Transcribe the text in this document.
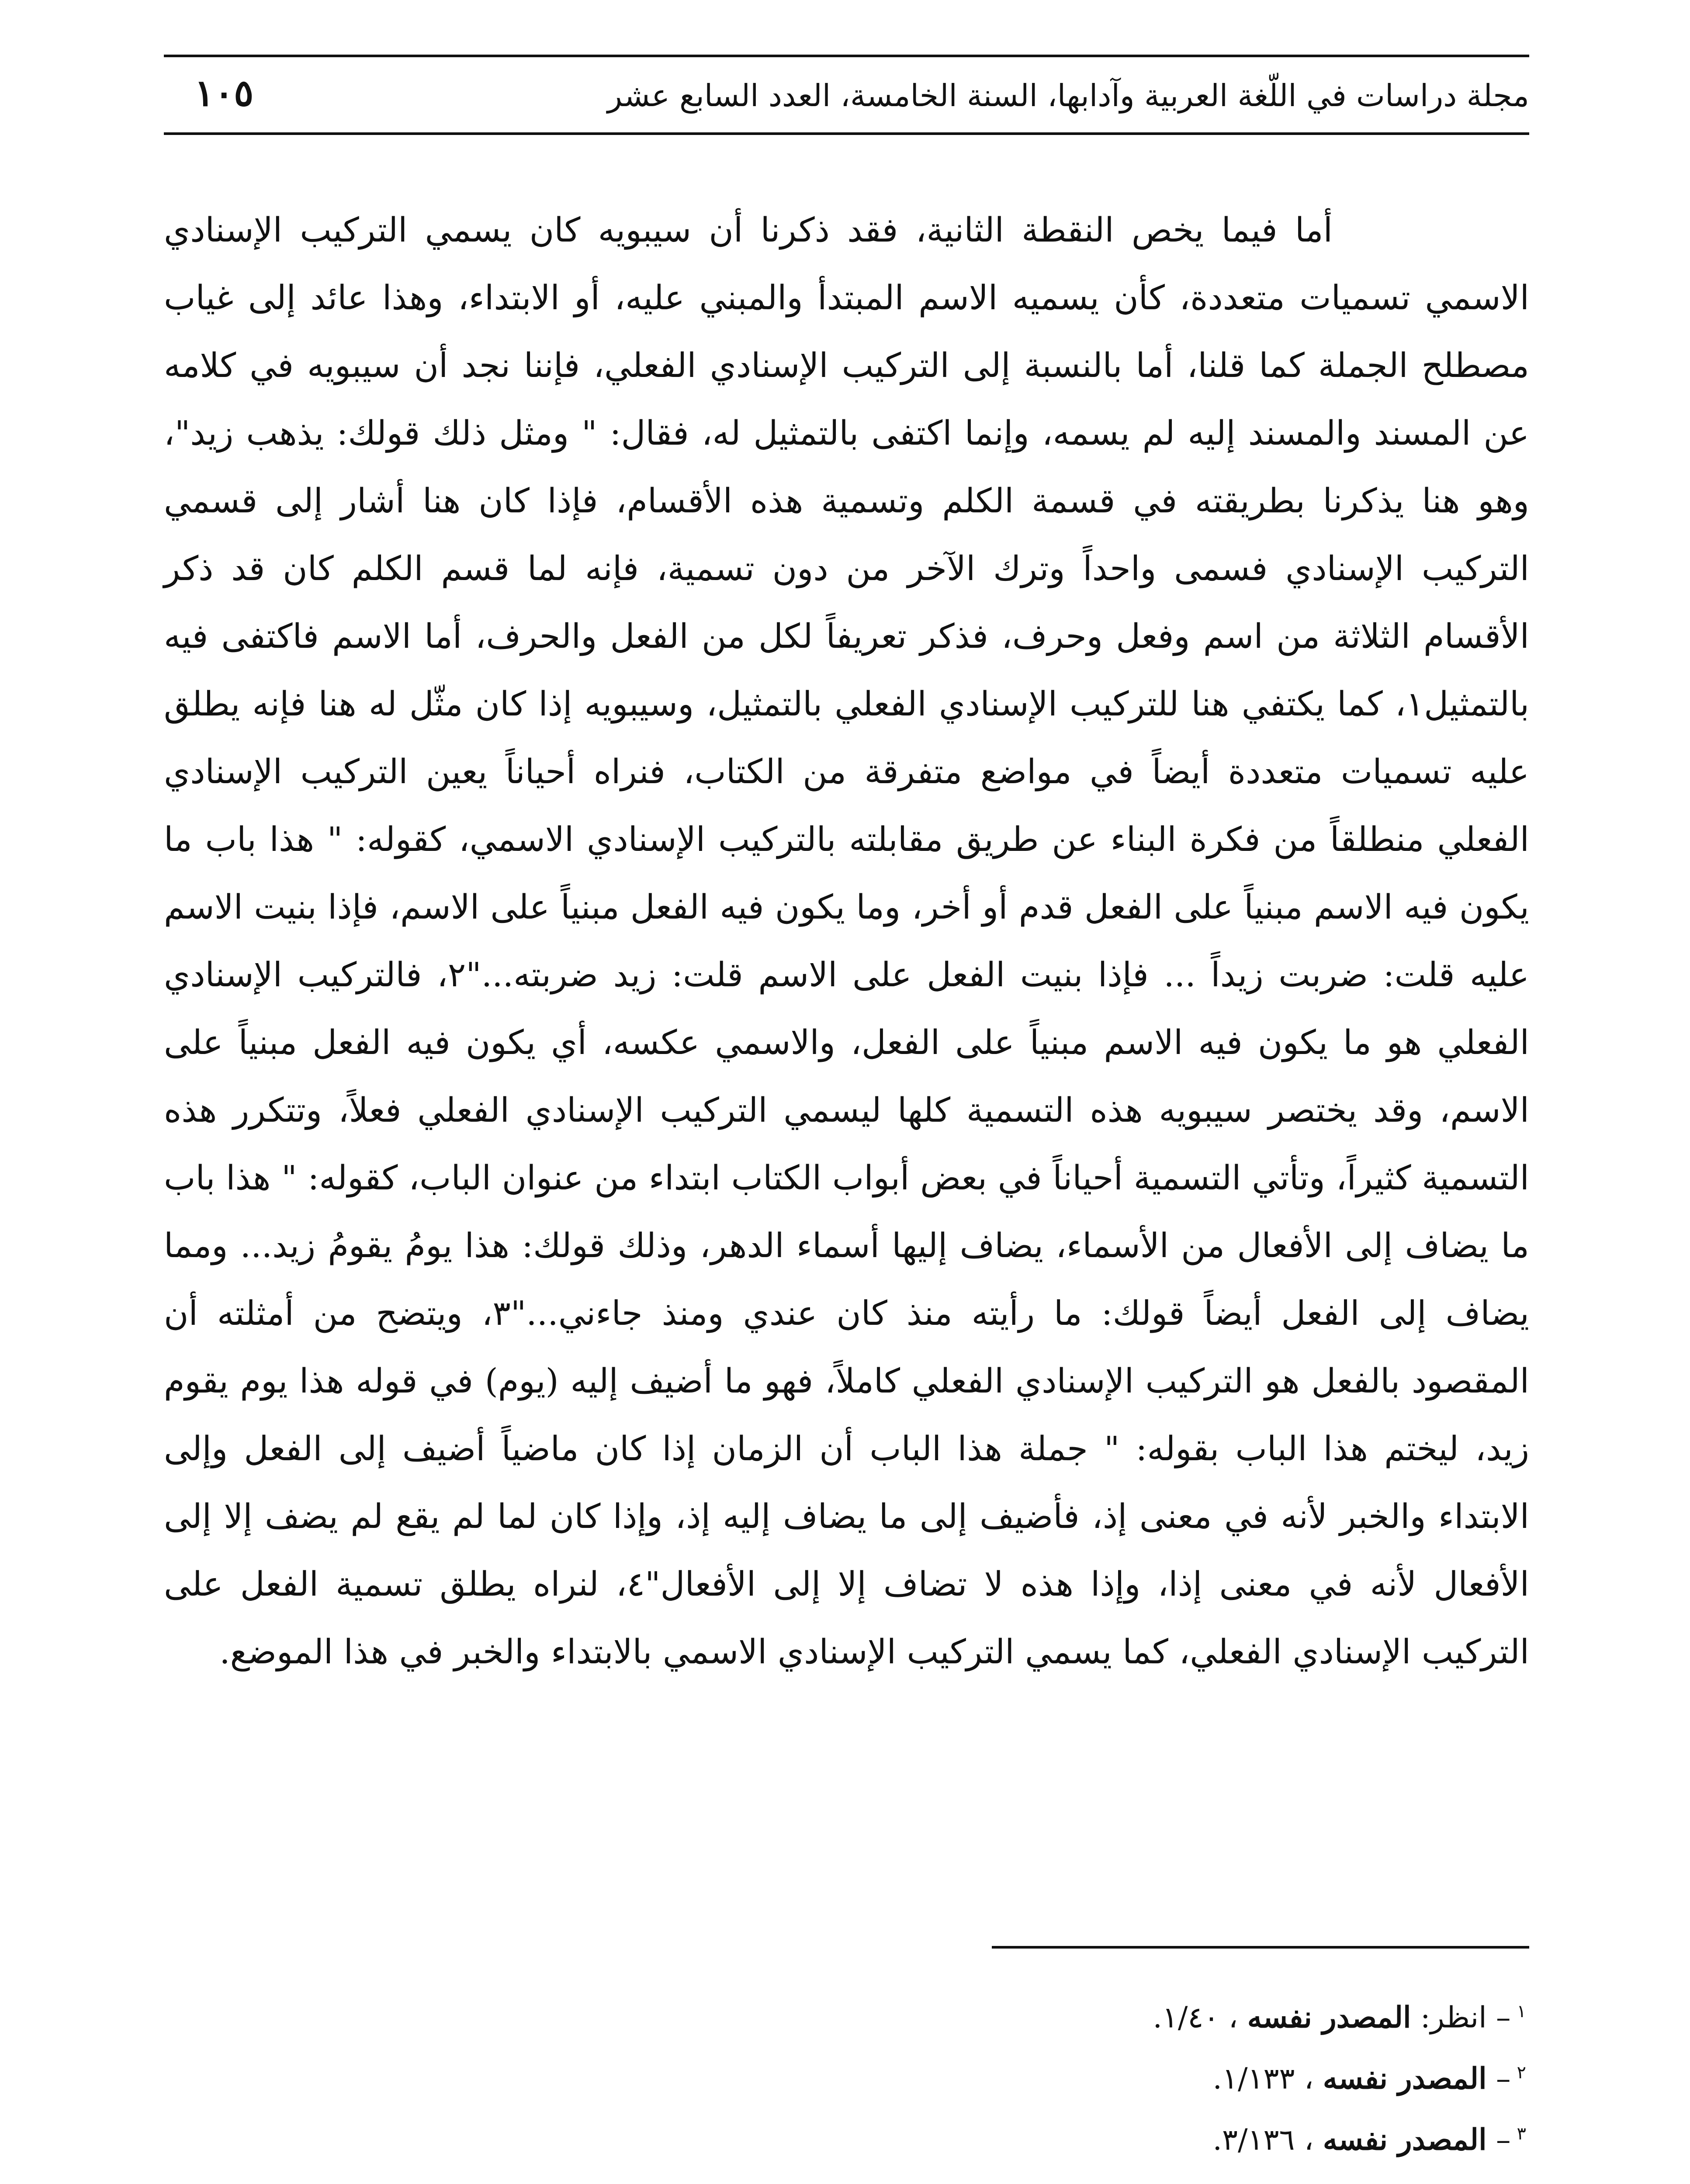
مجلة دراسات في اللّغة العربية وآدابها، السنة الخامسة، العدد السابع عشر
١٠٥

أما فيما يخص النقطة الثانية، فقد ذكرنا أن سيبويه كان يسمي التركيب الإسنادي الاسمي تسميات متعددة، كأن يسميه الاسم المبتدأ والمبني عليه، أو الابتداء، وهذا عائد إلى غياب مصطلح الجملة كما قلنا، أما بالنسبة إلى التركيب الإسنادي الفعلي، فإننا نجد أن سيبويه في كلامه عن المسند والمسند إليه لم يسمه، وإنما اكتفى بالتمثيل له، فقال: " ومثل ذلك قولك: يذهب زيد"، وهو هنا يذكرنا بطريقته في قسمة الكلم وتسمية هذه الأقسام، فإذا كان هنا أشار إلى قسمي التركيب الإسنادي فسمى واحداً وترك الآخر من دون تسمية، فإنه لما قسم الكلم كان قد ذكر الأقسام الثلاثة من اسم وفعل وحرف، فذكر تعريفاً لكل من الفعل والحرف، أما الاسم فاكتفى فيه بالتمثيل١، كما يكتفي هنا للتركيب الإسنادي الفعلي بالتمثيل، وسيبويه إذا كان مثّل له هنا فإنه يطلق عليه تسميات متعددة أيضاً في مواضع متفرقة من الكتاب، فنراه أحياناً يعين التركيب الإسنادي الفعلي منطلقاً من فكرة البناء عن طريق مقابلته بالتركيب الإسنادي الاسمي، كقوله: " هذا باب ما يكون فيه الاسم مبنياً على الفعل قدم أو أخر، وما يكون فيه الفعل مبنياً على الاسم، فإذا بنيت الاسم عليه قلت: ضربت زيداً ... فإذا بنيت الفعل على الاسم قلت: زيد ضربته..."٢، فالتركيب الإسنادي الفعلي هو ما يكون فيه الاسم مبنياً على الفعل، والاسمي عكسه، أي يكون فيه الفعل مبنياً على الاسم، وقد يختصر سيبويه هذه التسمية كلها ليسمي التركيب الإسنادي الفعلي فعلاً، وتتكرر هذه التسمية كثيراً، وتأتي التسمية أحياناً في بعض أبواب الكتاب ابتداء من عنوان الباب، كقوله: " هذا باب ما يضاف إلى الأفعال من الأسماء، يضاف إليها أسماء الدهر، وذلك قولك: هذا يومُ يقومُ زيد... ومما يضاف إلى الفعل أيضاً قولك: ما رأيته منذ كان عندي ومنذ جاءني..."٣، ويتضح من أمثلته أن المقصود بالفعل هو التركيب الإسنادي الفعلي كاملاً، فهو ما أضيف إليه (يوم) في قوله هذا يوم يقوم زيد، ليختم هذا الباب بقوله: " جملة هذا الباب أن الزمان إذا كان ماضياً أضيف إلى الفعل وإلى الابتداء والخبر لأنه في معنى إذ، فأضيف إلى ما يضاف إليه إذ، وإذا كان لما لم يقع لم يضف إلا إلى الأفعال لأنه في معنى إذا، وإذا هذه لا تضاف إلا إلى الأفعال"٤، لنراه يطلق تسمية الفعل على التركيب الإسنادي الفعلي، كما يسمي التركيب الإسنادي الاسمي بالابتداء والخبر في هذا الموضع.

$^١$– انظر: المصدر نفسه ، ١/٤٠.
$^٢$– المصدر نفسه ، ١/١٣٣.
$^٣$– المصدر نفسه ، ٣/١٣٦.
